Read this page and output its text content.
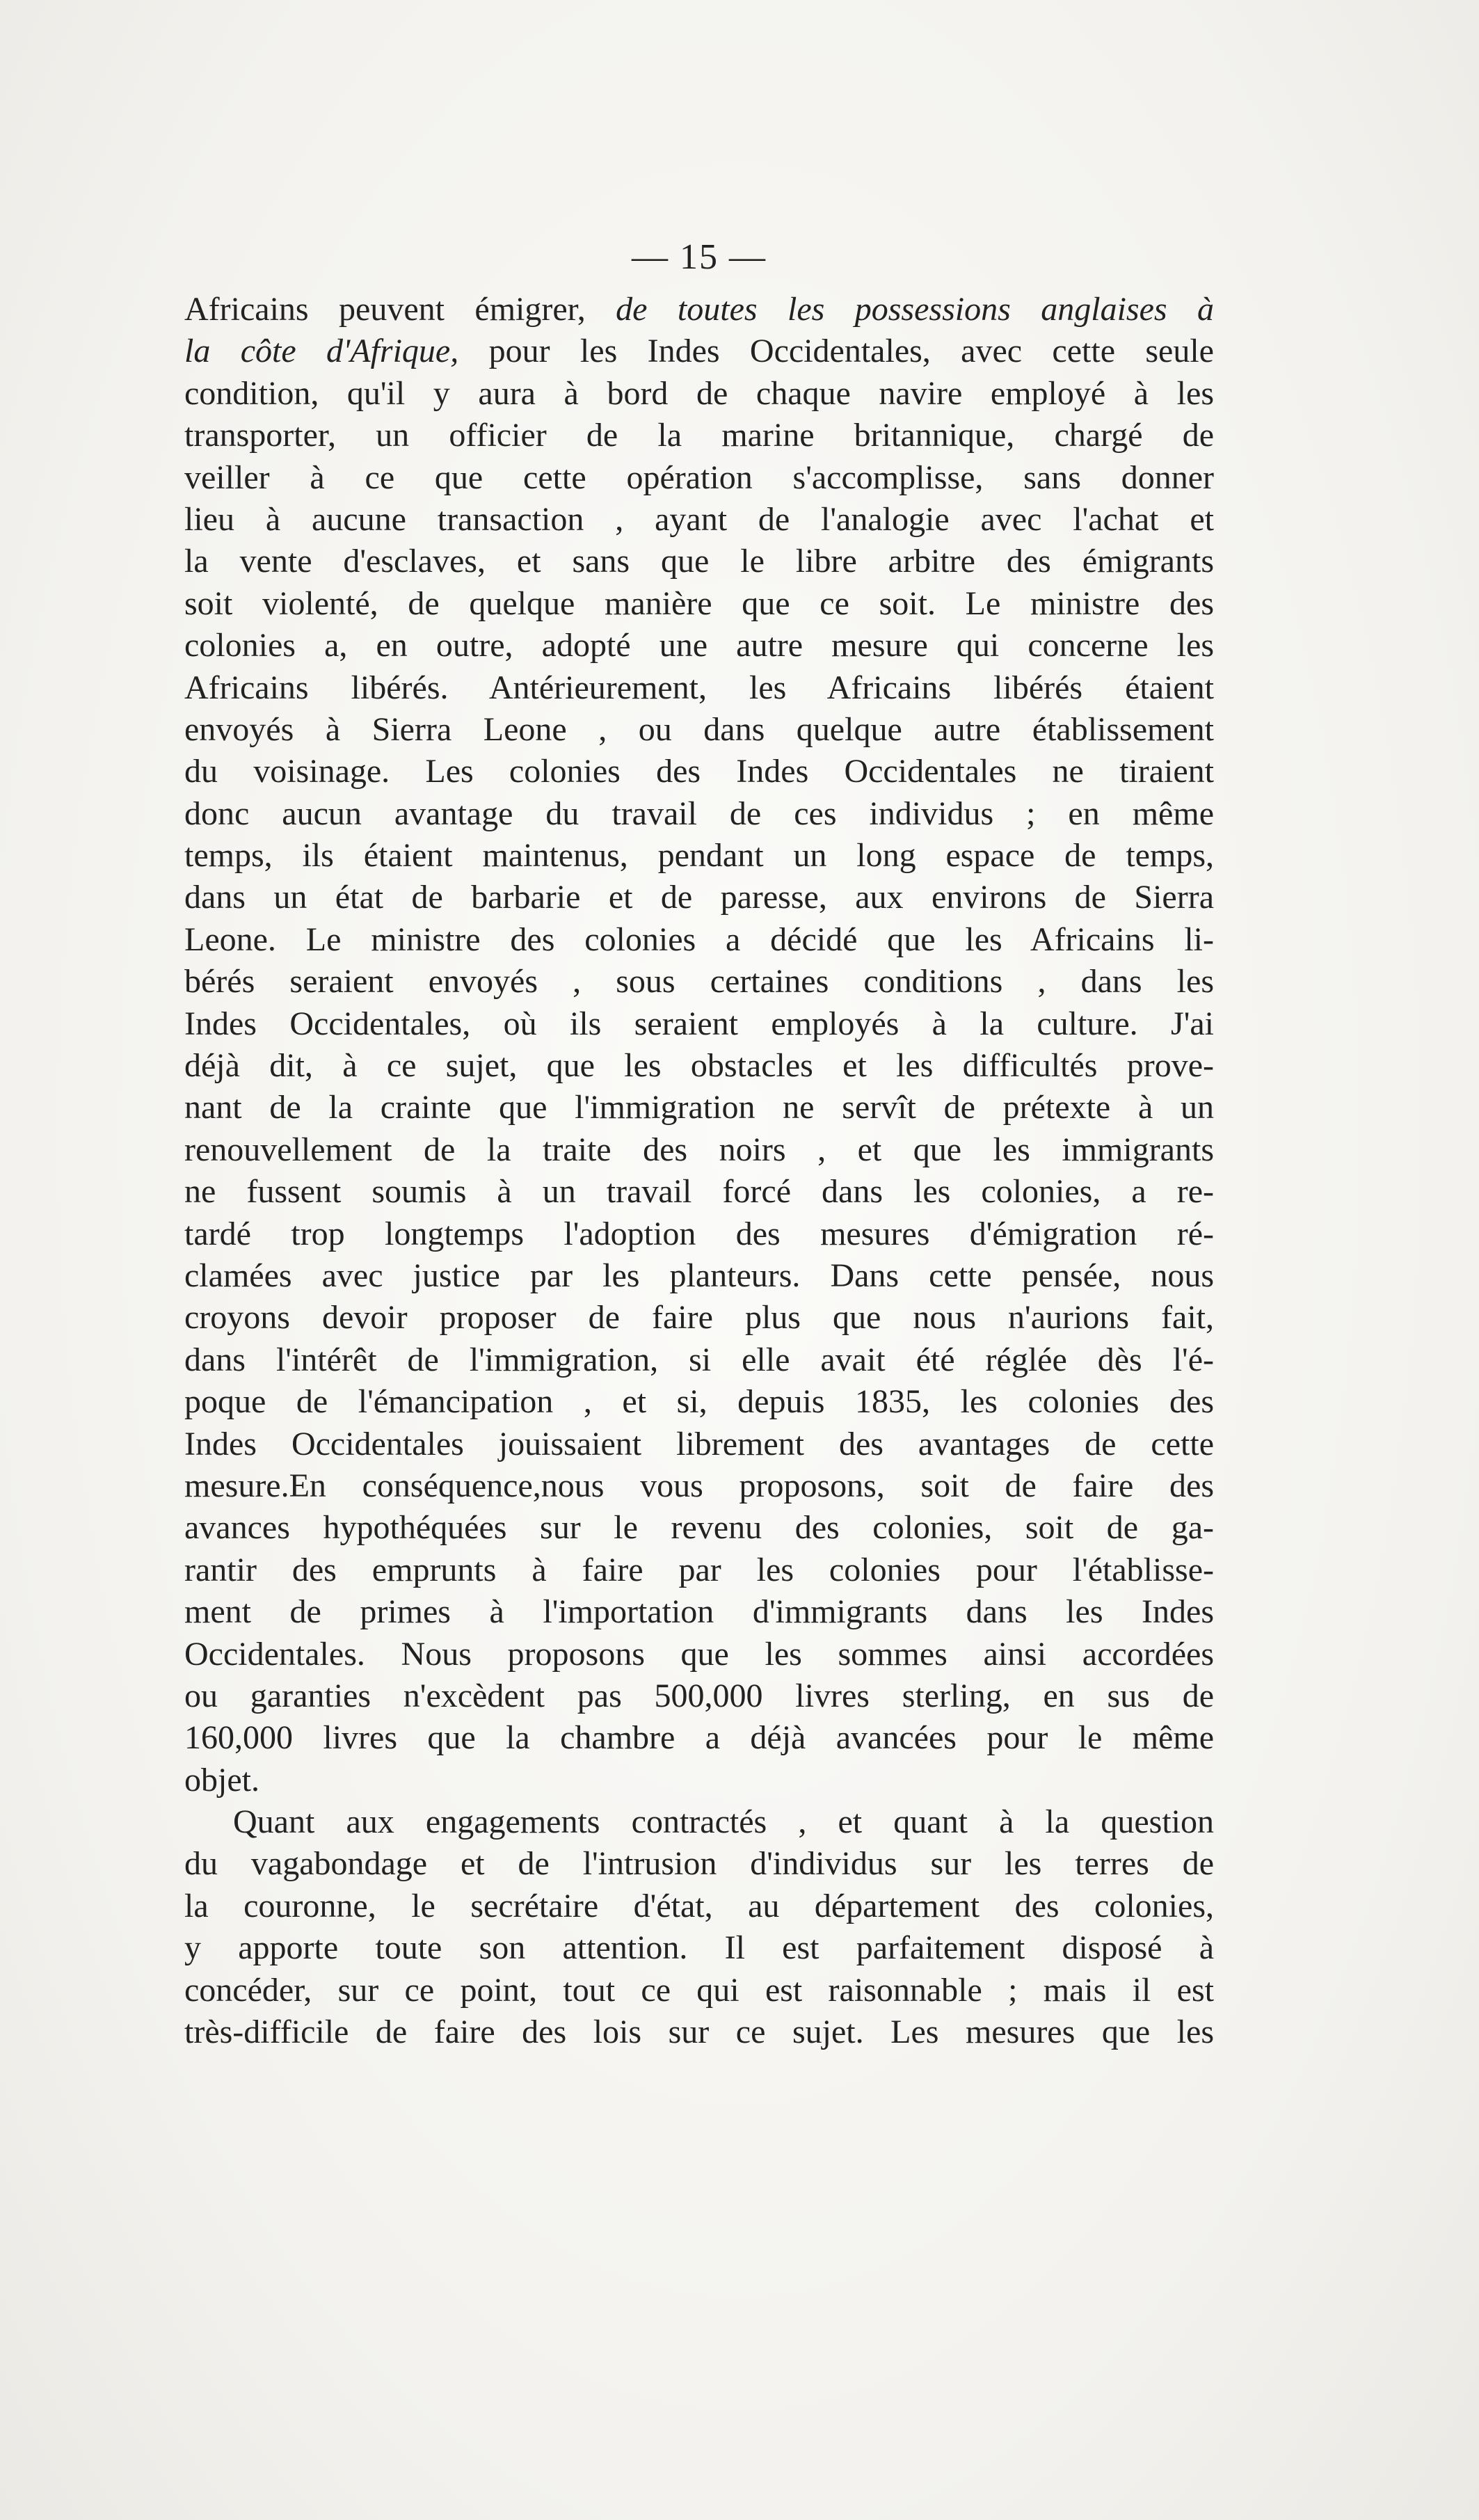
— 15 —
Africains peuvent émigrer, de toutes les possessions anglaises à
la côte d'Afrique, pour les Indes Occidentales, avec cette seule
condition, qu'il y aura à bord de chaque navire employé à les
transporter, un officier de la marine britannique, chargé de
veiller à ce que cette opération s'accomplisse, sans donner
lieu à aucune transaction , ayant de l'analogie avec l'achat et
la vente d'esclaves, et sans que le libre arbitre des émigrants
soit violenté, de quelque manière que ce soit. Le ministre des
colonies a, en outre, adopté une autre mesure qui concerne les
Africains libérés. Antérieurement, les Africains libérés étaient
envoyés à Sierra Leone , ou dans quelque autre établissement
du voisinage. Les colonies des Indes Occidentales ne tiraient
donc aucun avantage du travail de ces individus ; en même
temps, ils étaient maintenus, pendant un long espace de temps,
dans un état de barbarie et de paresse, aux environs de Sierra
Leone. Le ministre des colonies a décidé que les Africains li-
bérés seraient envoyés , sous certaines conditions , dans les
Indes Occidentales, où ils seraient employés à la culture. J'ai
déjà dit, à ce sujet, que les obstacles et les difficultés prove-
nant de la crainte que l'immigration ne servît de prétexte à un
renouvellement de la traite des noirs , et que les immigrants
ne fussent soumis à un travail forcé dans les colonies, a re-
tardé trop longtemps l'adoption des mesures d'émigration ré-
clamées avec justice par les planteurs. Dans cette pensée, nous
croyons devoir proposer de faire plus que nous n'aurions fait,
dans l'intérêt de l'immigration, si elle avait été réglée dès l'é-
poque de l'émancipation , et si, depuis 1835, les colonies des
Indes Occidentales jouissaient librement des avantages de cette
mesure.En conséquence,nous vous proposons, soit de faire des
avances hypothéquées sur le revenu des colonies, soit de ga-
rantir des emprunts à faire par les colonies pour l'établisse-
ment de primes à l'importation d'immigrants dans les Indes
Occidentales. Nous proposons que les sommes ainsi accordées
ou garanties n'excèdent pas 500,000 livres sterling, en sus de
160,000 livres que la chambre a déjà avancées pour le même
objet.
Quant aux engagements contractés , et quant à la question
du vagabondage et de l'intrusion d'individus sur les terres de
la couronne, le secrétaire d'état, au département des colonies,
y apporte toute son attention. Il est parfaitement disposé à
concéder, sur ce point, tout ce qui est raisonnable ; mais il est
très-difficile de faire des lois sur ce sujet. Les mesures que les
